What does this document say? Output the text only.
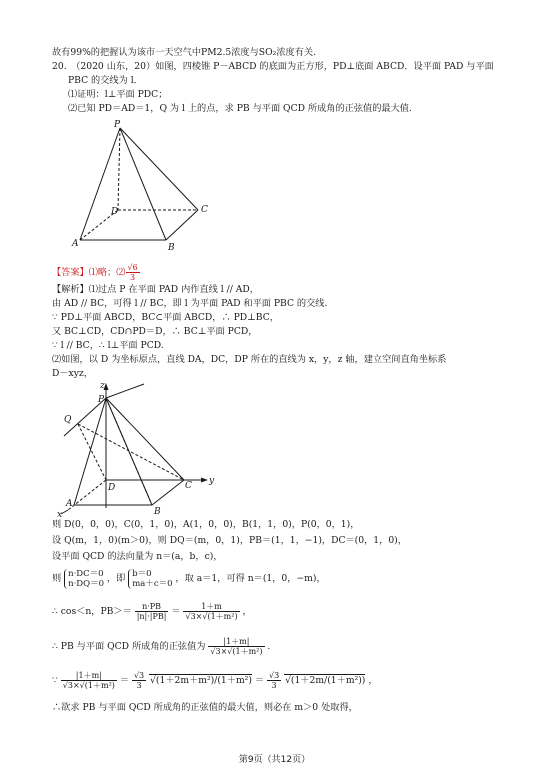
故有99%的把握认为该市一天空气中PM2.5浓度与SO₂浓度有关.
20.　（2020 山东，20）如图，四棱锥 P－ABCD 的底面为正方形，PD⊥底面 ABCD．设平面 PAD 与平面
PBC 的交线为 l．
⑴证明：l⊥平面 PDC；
⑵已知 PD＝AD＝1，Q 为 l 上的点，求 PB 与平面 QCD 所成角的正弦值的最大值.
P
A	B
C
D
【答案】⑴略；⑵ $\frac{√6}{3}$
【解析】⑴过点 P 在平面 PAD 内作直线 l // AD，
由 AD // BC，可得 l // BC，即 l 为平面 PAD 和平面 PBC 的交线.
∵ PD⊥平面 ABCD，BC⊂平面 ABCD，∴ PD⊥BC，
又 BC⊥CD，CD∩PD＝D，∴ BC⊥平面 PCD，
∵ l // BC，∴ l⊥平面 PCD.
⑵如图，以 D 为坐标原点，直线 DA，DC，DP 所在的直线为 x，y，z 轴，建立空间直角坐标系
D－xyz，
z
P
Q
D	C y
A
B
x
则 D(0，0，0)，C(0，1，0)，A(1，0，0)，B(1，1，0)，P(0，0，1)，
设 Q(m，1，0)(m＞0)，则 DQ＝(m，0，1)，PB＝(1，1，−1)，DC＝(0，1，0)，
设平面 QCD 的法向量为 n＝(a，b，c)，
则 n·DC＝0
n·DQ＝0 ，即 b＝0
ma＋c＝0 ，取 a＝1，可得 n＝(1，0，−m)，
∴ cos＜n，$PB>= \frac{n\cdot PB}{|n|\cdot|PB|} = \frac{1+m}{\text{√3×√(1＋m²)}}$ ，
∴ PB 与平面 QCD 所成角的正弦值为 $\frac{|1+m|}{\text{√3×√(1＋m²)}}$ .
∵ $\frac{|1+m|}{\text{√3×√(1＋m²)}} = \frac{√3}{3} √(1+2m+m^2)/(1+m^2) = \frac{√3}{3} √(1+2m/(1+m^2))$ ，
∴欲求 PB 与平面 QCD 所成角的正弦值的最大值，则必在 m＞0 处取得，
第9页（共12页）
